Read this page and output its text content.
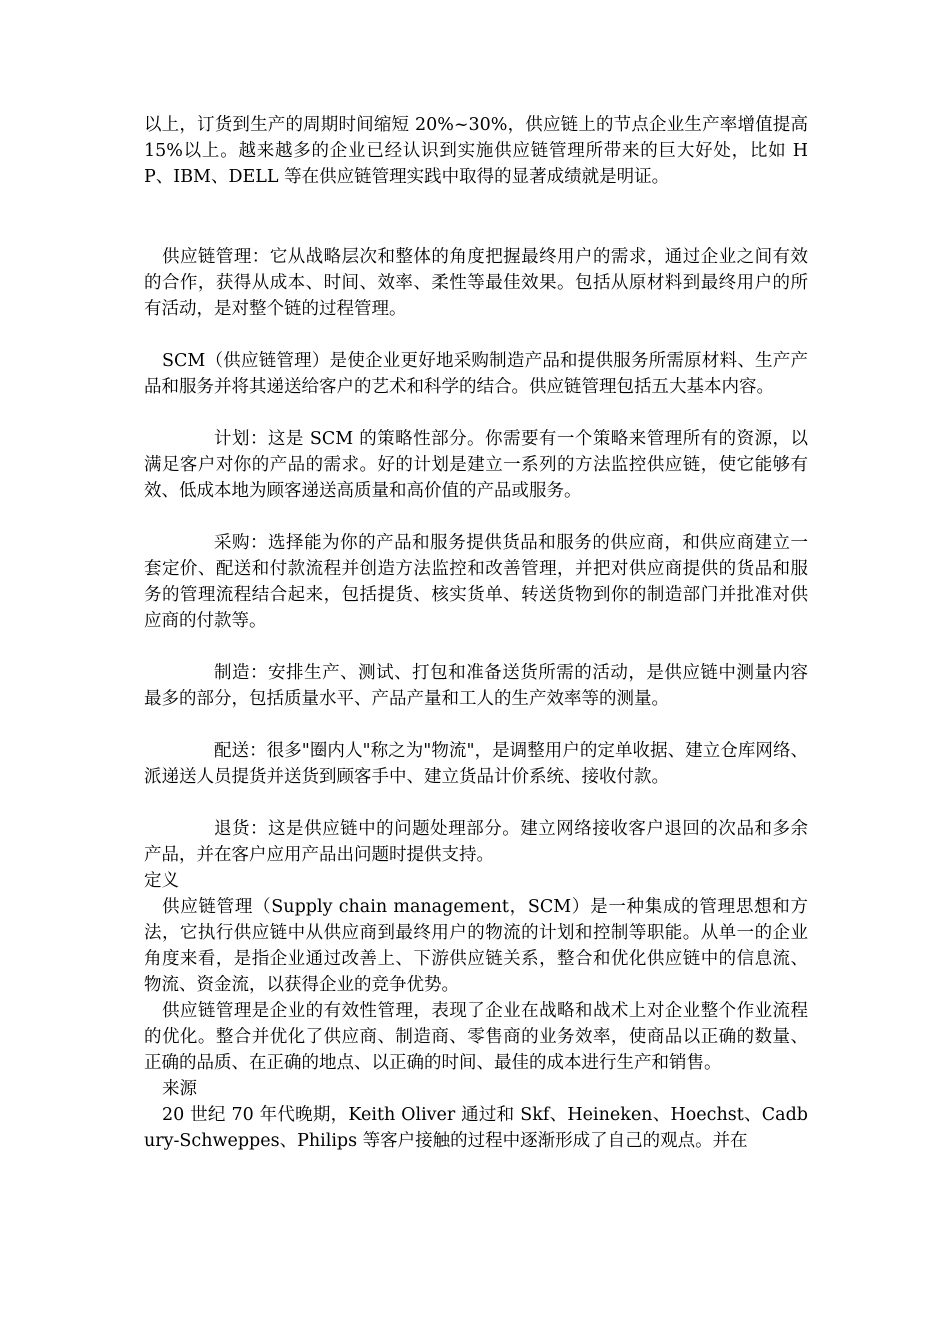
以上，订货到生产的周期时间缩短 20%~30%，供应链上的节点企业生产率增值提高 15%以上。越来越多的企业已经认识到实施供应链管理所带来的巨大好处，比如 HP、IBM、DELL 等在供应链管理实践中取得的显著成绩就是明证。

供应链管理：它从战略层次和整体的角度把握最终用户的需求，通过企业之间有效的合作，获得从成本、时间、效率、柔性等最佳效果。包括从原材料到最终用户的所有活动，是对整个链的过程管理。

SCM（供应链管理）是使企业更好地采购制造产品和提供服务所需原材料、生产产品和服务并将其递送给客户的艺术和科学的结合。供应链管理包括五大基本内容。

计划：这是 SCM 的策略性部分。你需要有一个策略来管理所有的资源，以满足客户对你的产品的需求。好的计划是建立一系列的方法监控供应链，使它能够有效、低成本地为顾客递送高质量和高价值的产品或服务。

采购：选择能为你的产品和服务提供货品和服务的供应商，和供应商建立一套定价、配送和付款流程并创造方法监控和改善管理，并把对供应商提供的货品和服务的管理流程结合起来，包括提货、核实货单、转送货物到你的制造部门并批准对供应商的付款等。

制造：安排生产、测试、打包和准备送货所需的活动，是供应链中测量内容最多的部分，包括质量水平、产品产量和工人的生产效率等的测量。

配送：很多"圈内人"称之为"物流"，是调整用户的定单收据、建立仓库网络、派递送人员提货并送货到顾客手中、建立货品计价系统、接收付款。

退货：这是供应链中的问题处理部分。建立网络接收客户退回的次品和多余产品，并在客户应用产品出问题时提供支持。

定义

供应链管理（Supply chain management，SCM）是一种集成的管理思想和方法，它执行供应链中从供应商到最终用户的物流的计划和控制等职能。从单一的企业角度来看，是指企业通过改善上、下游供应链关系，整合和优化供应链中的信息流、物流、资金流，以获得企业的竞争优势。

供应链管理是企业的有效性管理，表现了企业在战略和战术上对企业整个作业流程的优化。整合并优化了供应商、制造商、零售商的业务效率，使商品以正确的数量、正确的品质、在正确的地点、以正确的时间、最佳的成本进行生产和销售。

来源

20 世纪 70 年代晚期，Keith Oliver 通过和 Skf、Heineken、Hoechst、Cadbury-Schweppes、Philips 等客户接触的过程中逐渐形成了自己的观点。并在
